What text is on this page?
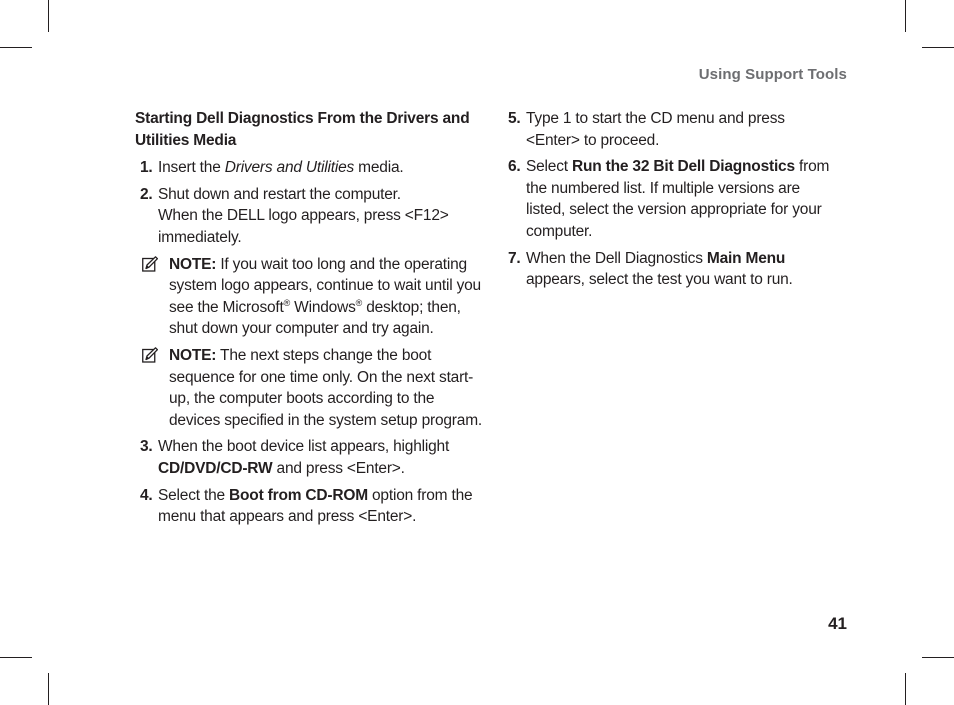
Using Support Tools
Starting Dell Diagnostics From the Drivers and Utilities Media
1. Insert the Drivers and Utilities media.
2. Shut down and restart the computer.
When the DELL logo appears, press <F12> immediately.
NOTE: If you wait too long and the operating system logo appears, continue to wait until you see the Microsoft® Windows® desktop; then, shut down your computer and try again.
NOTE: The next steps change the boot sequence for one time only. On the next start-up, the computer boots according to the devices specified in the system setup program.
3. When the boot device list appears, highlight CD/DVD/CD-RW and press <Enter>.
4. Select the Boot from CD-ROM option from the menu that appears and press <Enter>.
5. Type 1 to start the CD menu and press <Enter> to proceed.
6. Select Run the 32 Bit Dell Diagnostics from the numbered list. If multiple versions are listed, select the version appropriate for your computer.
7. When the Dell Diagnostics Main Menu appears, select the test you want to run.
41
